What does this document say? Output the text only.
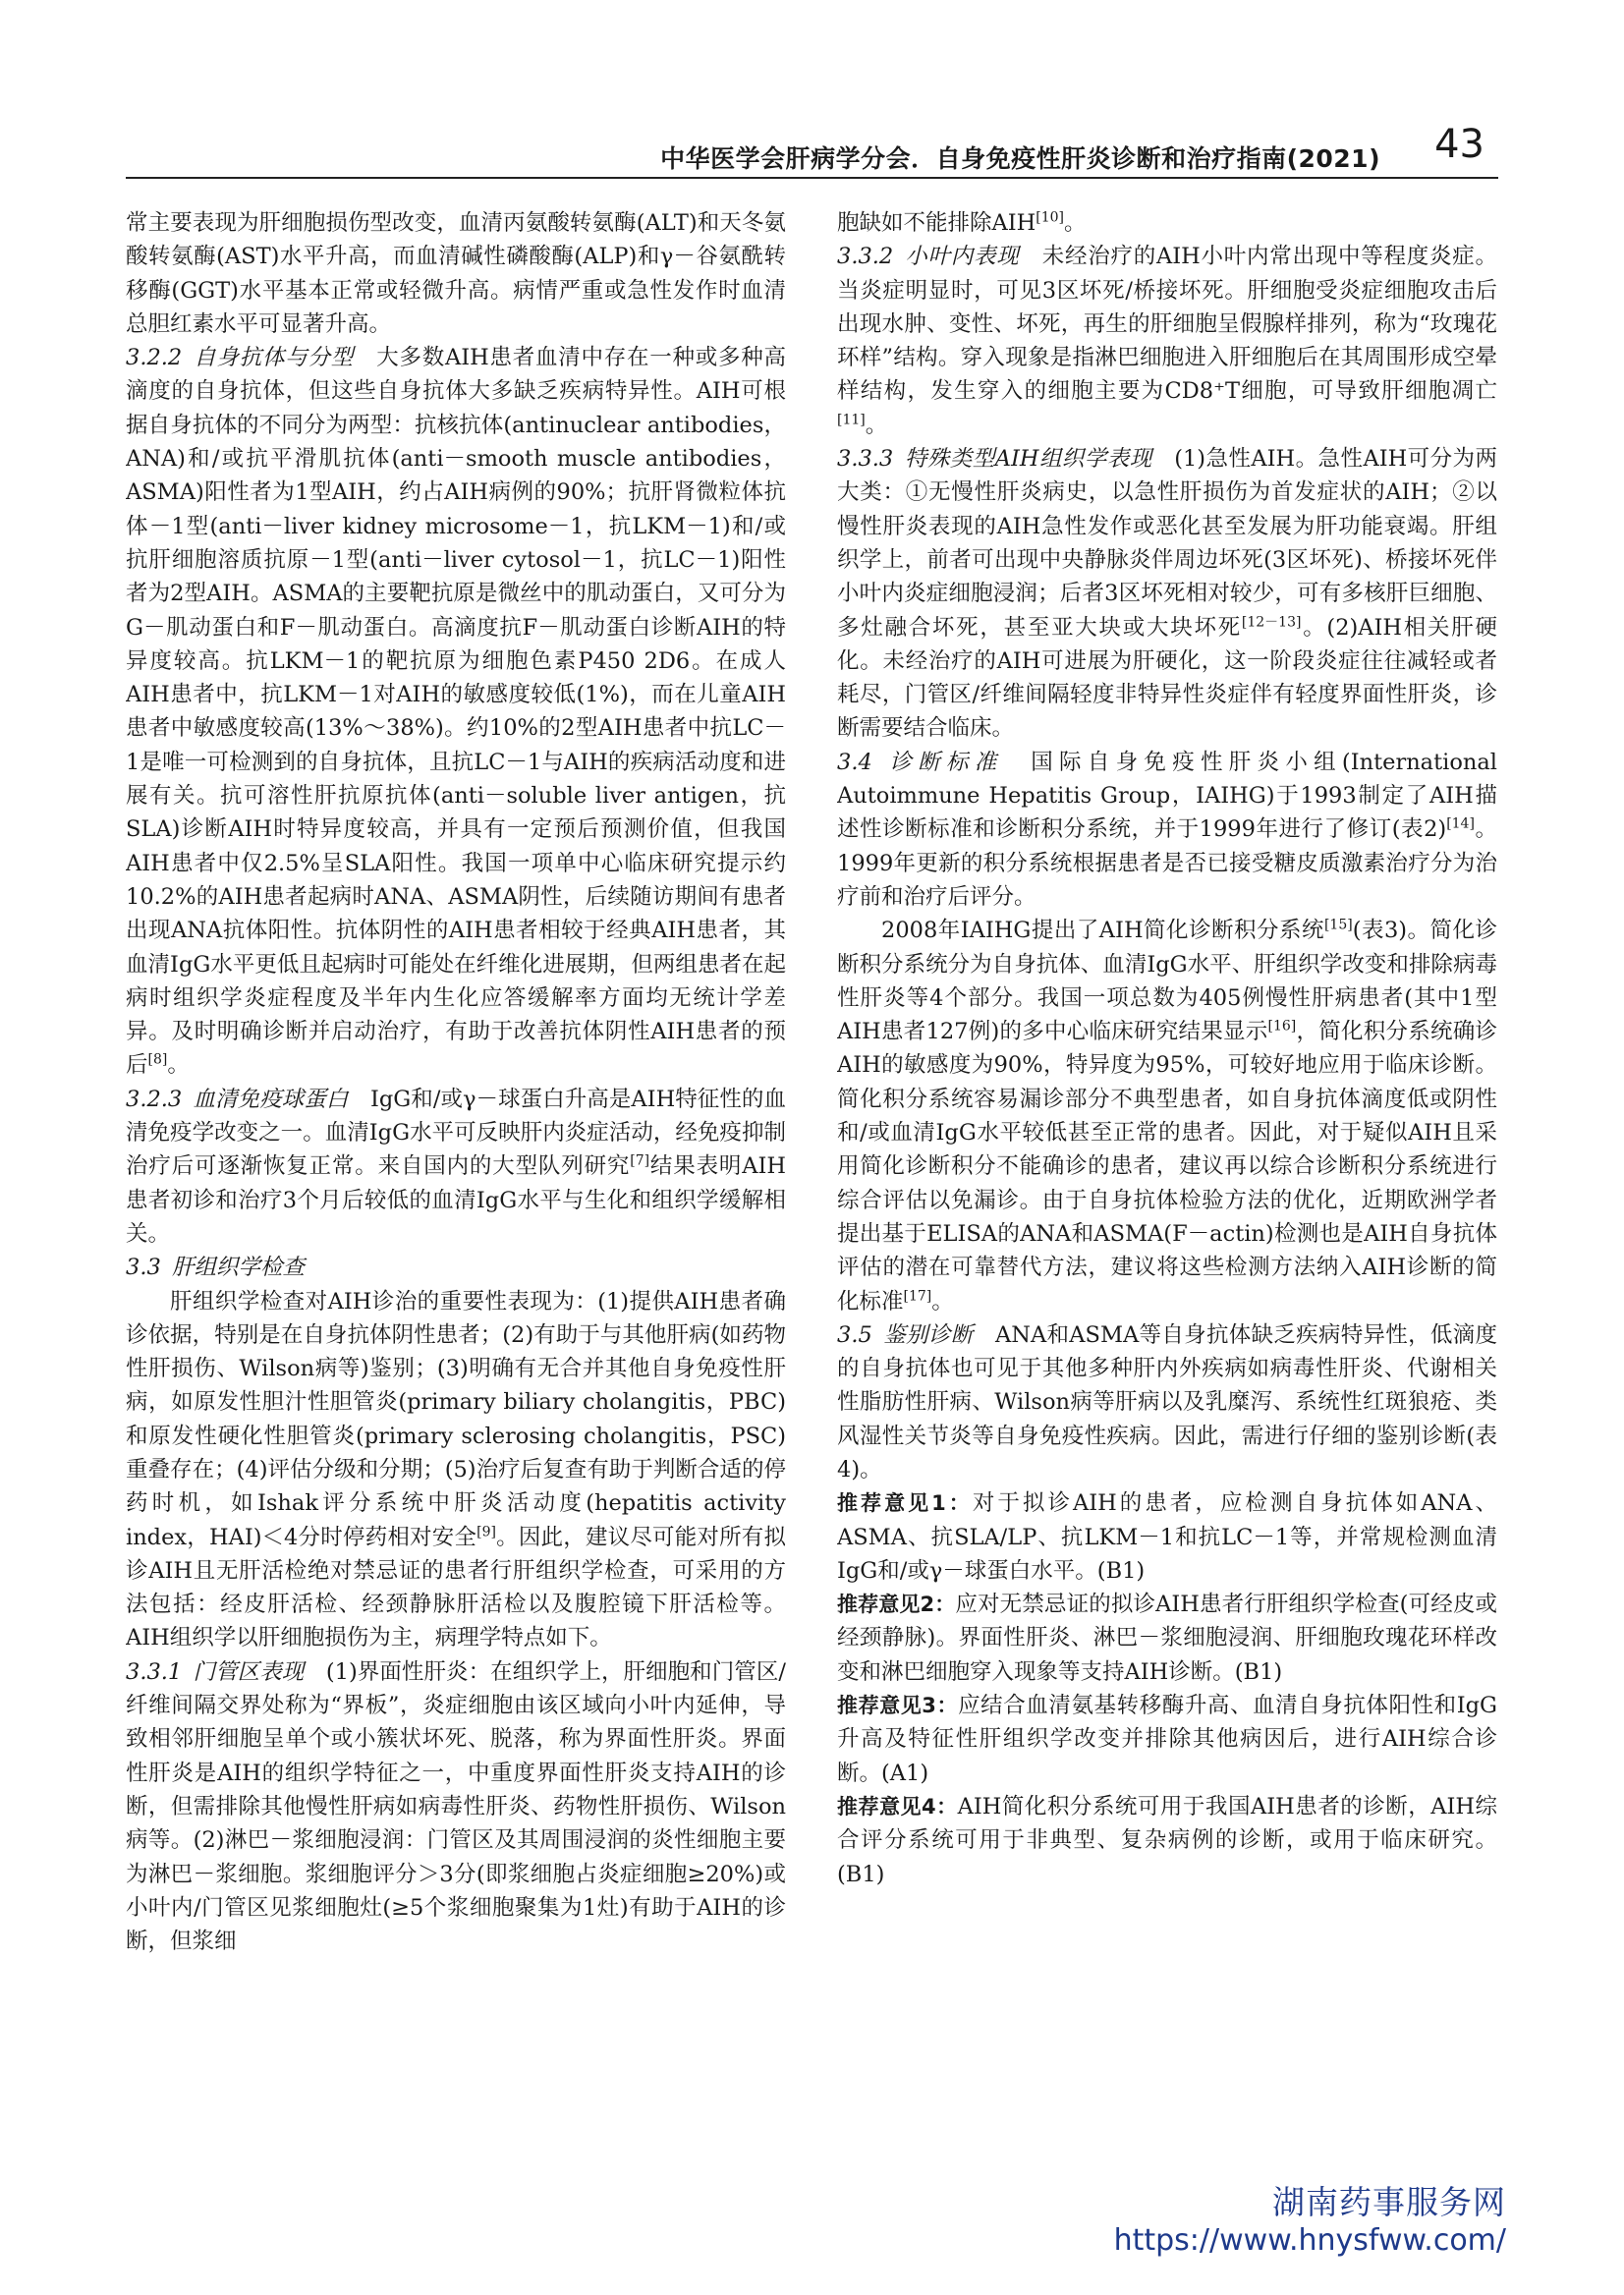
中华医学会肝病学分会．自身免疫性肝炎诊断和治疗指南(2021) 43

常主要表现为肝细胞损伤型改变，血清丙氨酸转氨酶(ALT)和天冬氨酸转氨酶(AST)水平升高，而血清碱性磷酸酶(ALP)和γ－谷氨酰转移酶(GGT)水平基本正常或轻微升高。病情严重或急性发作时血清总胆红素水平可显著升高。

3.2.2  自身抗体与分型  大多数AIH患者血清中存在一种或多种高滴度的自身抗体，但这些自身抗体大多缺乏疾病特异性。AIH可根据自身抗体的不同分为两型：抗核抗体(antinuclear antibodies，ANA)和/或抗平滑肌抗体(anti－smooth muscle antibodies，ASMA)阳性者为1型AIH，约占AIH病例的90%；抗肝肾微粒体抗体－1型(anti－liver kidney microsome－1，抗LKM－1)和/或抗肝细胞溶质抗原－1型(anti－liver cytosol－1，抗LC－1)阳性者为2型AIH。ASMA的主要靶抗原是微丝中的肌动蛋白，又可分为G－肌动蛋白和F－肌动蛋白。高滴度抗F－肌动蛋白诊断AIH的特异度较高。抗LKM－1的靶抗原为细胞色素P450 2D6。在成人AIH患者中，抗LKM－1对AIH的敏感度较低(1%)，而在儿童AIH患者中敏感度较高(13%～38%)。约10%的2型AIH患者中抗LC－1是唯一可检测到的自身抗体，且抗LC－1与AIH的疾病活动度和进展有关。抗可溶性肝抗原抗体(anti－soluble liver antigen，抗SLA)诊断AIH时特异度较高，并具有一定预后预测价值，但我国AIH患者中仅2.5%呈SLA阳性。我国一项单中心临床研究提示约10.2%的AIH患者起病时ANA、ASMA阴性，后续随访期间有患者出现ANA抗体阳性。抗体阴性的AIH患者相较于经典AIH患者，其血清IgG水平更低且起病时可能处在纤维化进展期，但两组患者在起病时组织学炎症程度及半年内生化应答缓解率方面均无统计学差异。及时明确诊断并启动治疗，有助于改善抗体阴性AIH患者的预后[8]。

3.2.3  血清免疫球蛋白  IgG和/或γ－球蛋白升高是AIH特征性的血清免疫学改变之一。血清IgG水平可反映肝内炎症活动，经免疫抑制治疗后可逐渐恢复正常。来自国内的大型队列研究[7]结果表明AIH患者初诊和治疗3个月后较低的血清IgG水平与生化和组织学缓解相关。

3.3  肝组织学检查

肝组织学检查对AIH诊治的重要性表现为：(1)提供AIH患者确诊依据，特别是在自身抗体阴性患者；(2)有助于与其他肝病(如药物性肝损伤、Wilson病等)鉴别；(3)明确有无合并其他自身免疫性肝病，如原发性胆汁性胆管炎(primary biliary cholangitis，PBC)和原发性硬化性胆管炎(primary sclerosing cholangitis，PSC)重叠存在；(4)评估分级和分期；(5)治疗后复查有助于判断合适的停药时机，如Ishak评分系统中肝炎活动度(hepatitis activity index，HAI)＜4分时停药相对安全[9]。因此，建议尽可能对所有拟诊AIH且无肝活检绝对禁忌证的患者行肝组织学检查，可采用的方法包括：经皮肝活检、经颈静脉肝活检以及腹腔镜下肝活检等。AIH组织学以肝细胞损伤为主，病理学特点如下。

3.3.1  门管区表现  (1)界面性肝炎：在组织学上，肝细胞和门管区/纤维间隔交界处称为“界板”，炎症细胞由该区域向小叶内延伸，导致相邻肝细胞呈单个或小簇状坏死、脱落，称为界面性肝炎。界面性肝炎是AIH的组织学特征之一，中重度界面性肝炎支持AIH的诊断，但需排除其他慢性肝病如病毒性肝炎、药物性肝损伤、Wilson病等。(2)淋巴－浆细胞浸润：门管区及其周围浸润的炎性细胞主要为淋巴－浆细胞。浆细胞评分＞3分(即浆细胞占炎症细胞≥20%)或小叶内/门管区见浆细胞灶(≥5个浆细胞聚集为1灶)有助于AIH的诊断，但浆细

胞缺如不能排除AIH[10]。

3.3.2  小叶内表现  未经治疗的AIH小叶内常出现中等程度炎症。当炎症明显时，可见3区坏死/桥接坏死。肝细胞受炎症细胞攻击后出现水肿、变性、坏死，再生的肝细胞呈假腺样排列，称为“玫瑰花环样”结构。穿入现象是指淋巴细胞进入肝细胞后在其周围形成空晕样结构，发生穿入的细胞主要为CD8⁺T细胞，可导致肝细胞凋亡[11]。

3.3.3  特殊类型AIH组织学表现  (1)急性AIH。急性AIH可分为两大类：①无慢性肝炎病史，以急性肝损伤为首发症状的AIH；②以慢性肝炎表现的AIH急性发作或恶化甚至发展为肝功能衰竭。肝组织学上，前者可出现中央静脉炎伴周边坏死(3区坏死)、桥接坏死伴小叶内炎症细胞浸润；后者3区坏死相对较少，可有多核肝巨细胞、多灶融合坏死，甚至亚大块或大块坏死[12－13]。(2)AIH相关肝硬化。未经治疗的AIH可进展为肝硬化，这一阶段炎症往往减轻或者耗尽，门管区/纤维间隔轻度非特异性炎症伴有轻度界面性肝炎，诊断需要结合临床。

3.4  诊断标准  国际自身免疫性肝炎小组(International Autoimmune Hepatitis Group，IAIHG)于1993制定了AIH描述性诊断标准和诊断积分系统，并于1999年进行了修订(表2)[14]。1999年更新的积分系统根据患者是否已接受糖皮质激素治疗分为治疗前和治疗后评分。

2008年IAIHG提出了AIH简化诊断积分系统[15](表3)。简化诊断积分系统分为自身抗体、血清IgG水平、肝组织学改变和排除病毒性肝炎等4个部分。我国一项总数为405例慢性肝病患者(其中1型AIH患者127例)的多中心临床研究结果显示[16]，简化积分系统确诊AIH的敏感度为90%，特异度为95%，可较好地应用于临床诊断。简化积分系统容易漏诊部分不典型患者，如自身抗体滴度低或阴性和/或血清IgG水平较低甚至正常的患者。因此，对于疑似AIH且采用简化诊断积分不能确诊的患者，建议再以综合诊断积分系统进行综合评估以免漏诊。由于自身抗体检验方法的优化，近期欧洲学者提出基于ELISA的ANA和ASMA(F－actin)检测也是AIH自身抗体评估的潜在可靠替代方法，建议将这些检测方法纳入AIH诊断的简化标准[17]。

3.5  鉴别诊断  ANA和ASMA等自身抗体缺乏疾病特异性，低滴度的自身抗体也可见于其他多种肝内外疾病如病毒性肝炎、代谢相关性脂肪性肝病、Wilson病等肝病以及乳糜泻、系统性红斑狼疮、类风湿性关节炎等自身免疫性疾病。因此，需进行仔细的鉴别诊断(表4)。

推荐意见1：对于拟诊AIH的患者，应检测自身抗体如ANA、ASMA、抗SLA/LP、抗LKM－1和抗LC－1等，并常规检测血清IgG和/或γ－球蛋白水平。(B1)

推荐意见2：应对无禁忌证的拟诊AIH患者行肝组织学检查(可经皮或经颈静脉)。界面性肝炎、淋巴－浆细胞浸润、肝细胞玫瑰花环样改变和淋巴细胞穿入现象等支持AIH诊断。(B1)

推荐意见3：应结合血清氨基转移酶升高、血清自身抗体阳性和IgG升高及特征性肝组织学改变并排除其他病因后，进行AIH综合诊断。(A1)

推荐意见4：AIH简化积分系统可用于我国AIH患者的诊断，AIH综合评分系统可用于非典型、复杂病例的诊断，或用于临床研究。(B1)

湖南药事服务网
https://www.hnysfww.com/
